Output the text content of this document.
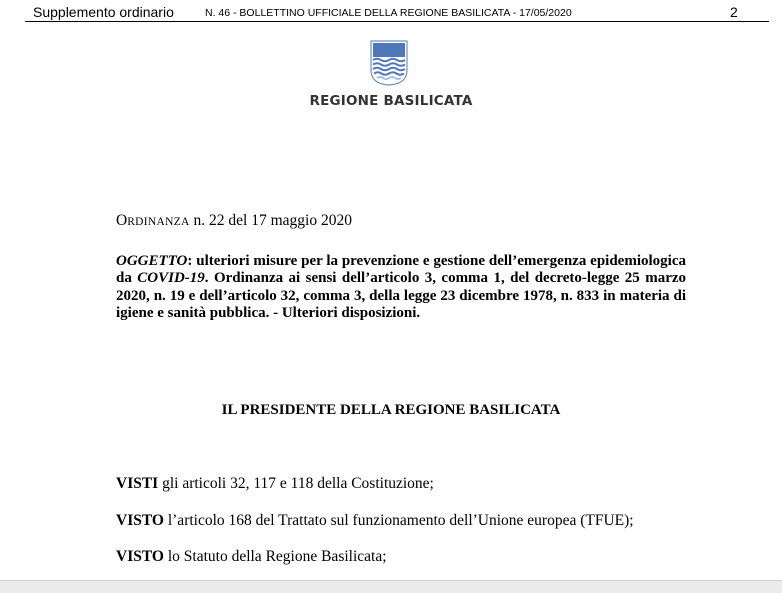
Supplemento ordinario	N. 46 - BOLLETTINO UFFICIALE DELLA REGIONE BASILICATA - 17/05/2020	2
REGIONE BASILICATA
ORDINANZA n. 22 del 17 maggio 2020
OGGETTO: ulteriori misure per la prevenzione e gestione dell’emergenza epidemiologica da COVID-19. Ordinanza ai sensi dell’articolo 3, comma 1, del decreto-legge 25 marzo 2020, n. 19 e dell’articolo 32, comma 3, della legge 23 dicembre 1978, n. 833 in materia di igiene e sanità pubblica. - Ulteriori disposizioni.
IL PRESIDENTE DELLA REGIONE BASILICATA
VISTI gli articoli 32, 117 e 118 della Costituzione;
VISTO l’articolo 168 del Trattato sul funzionamento dell’Unione europea (TFUE);
VISTO lo Statuto della Regione Basilicata;
